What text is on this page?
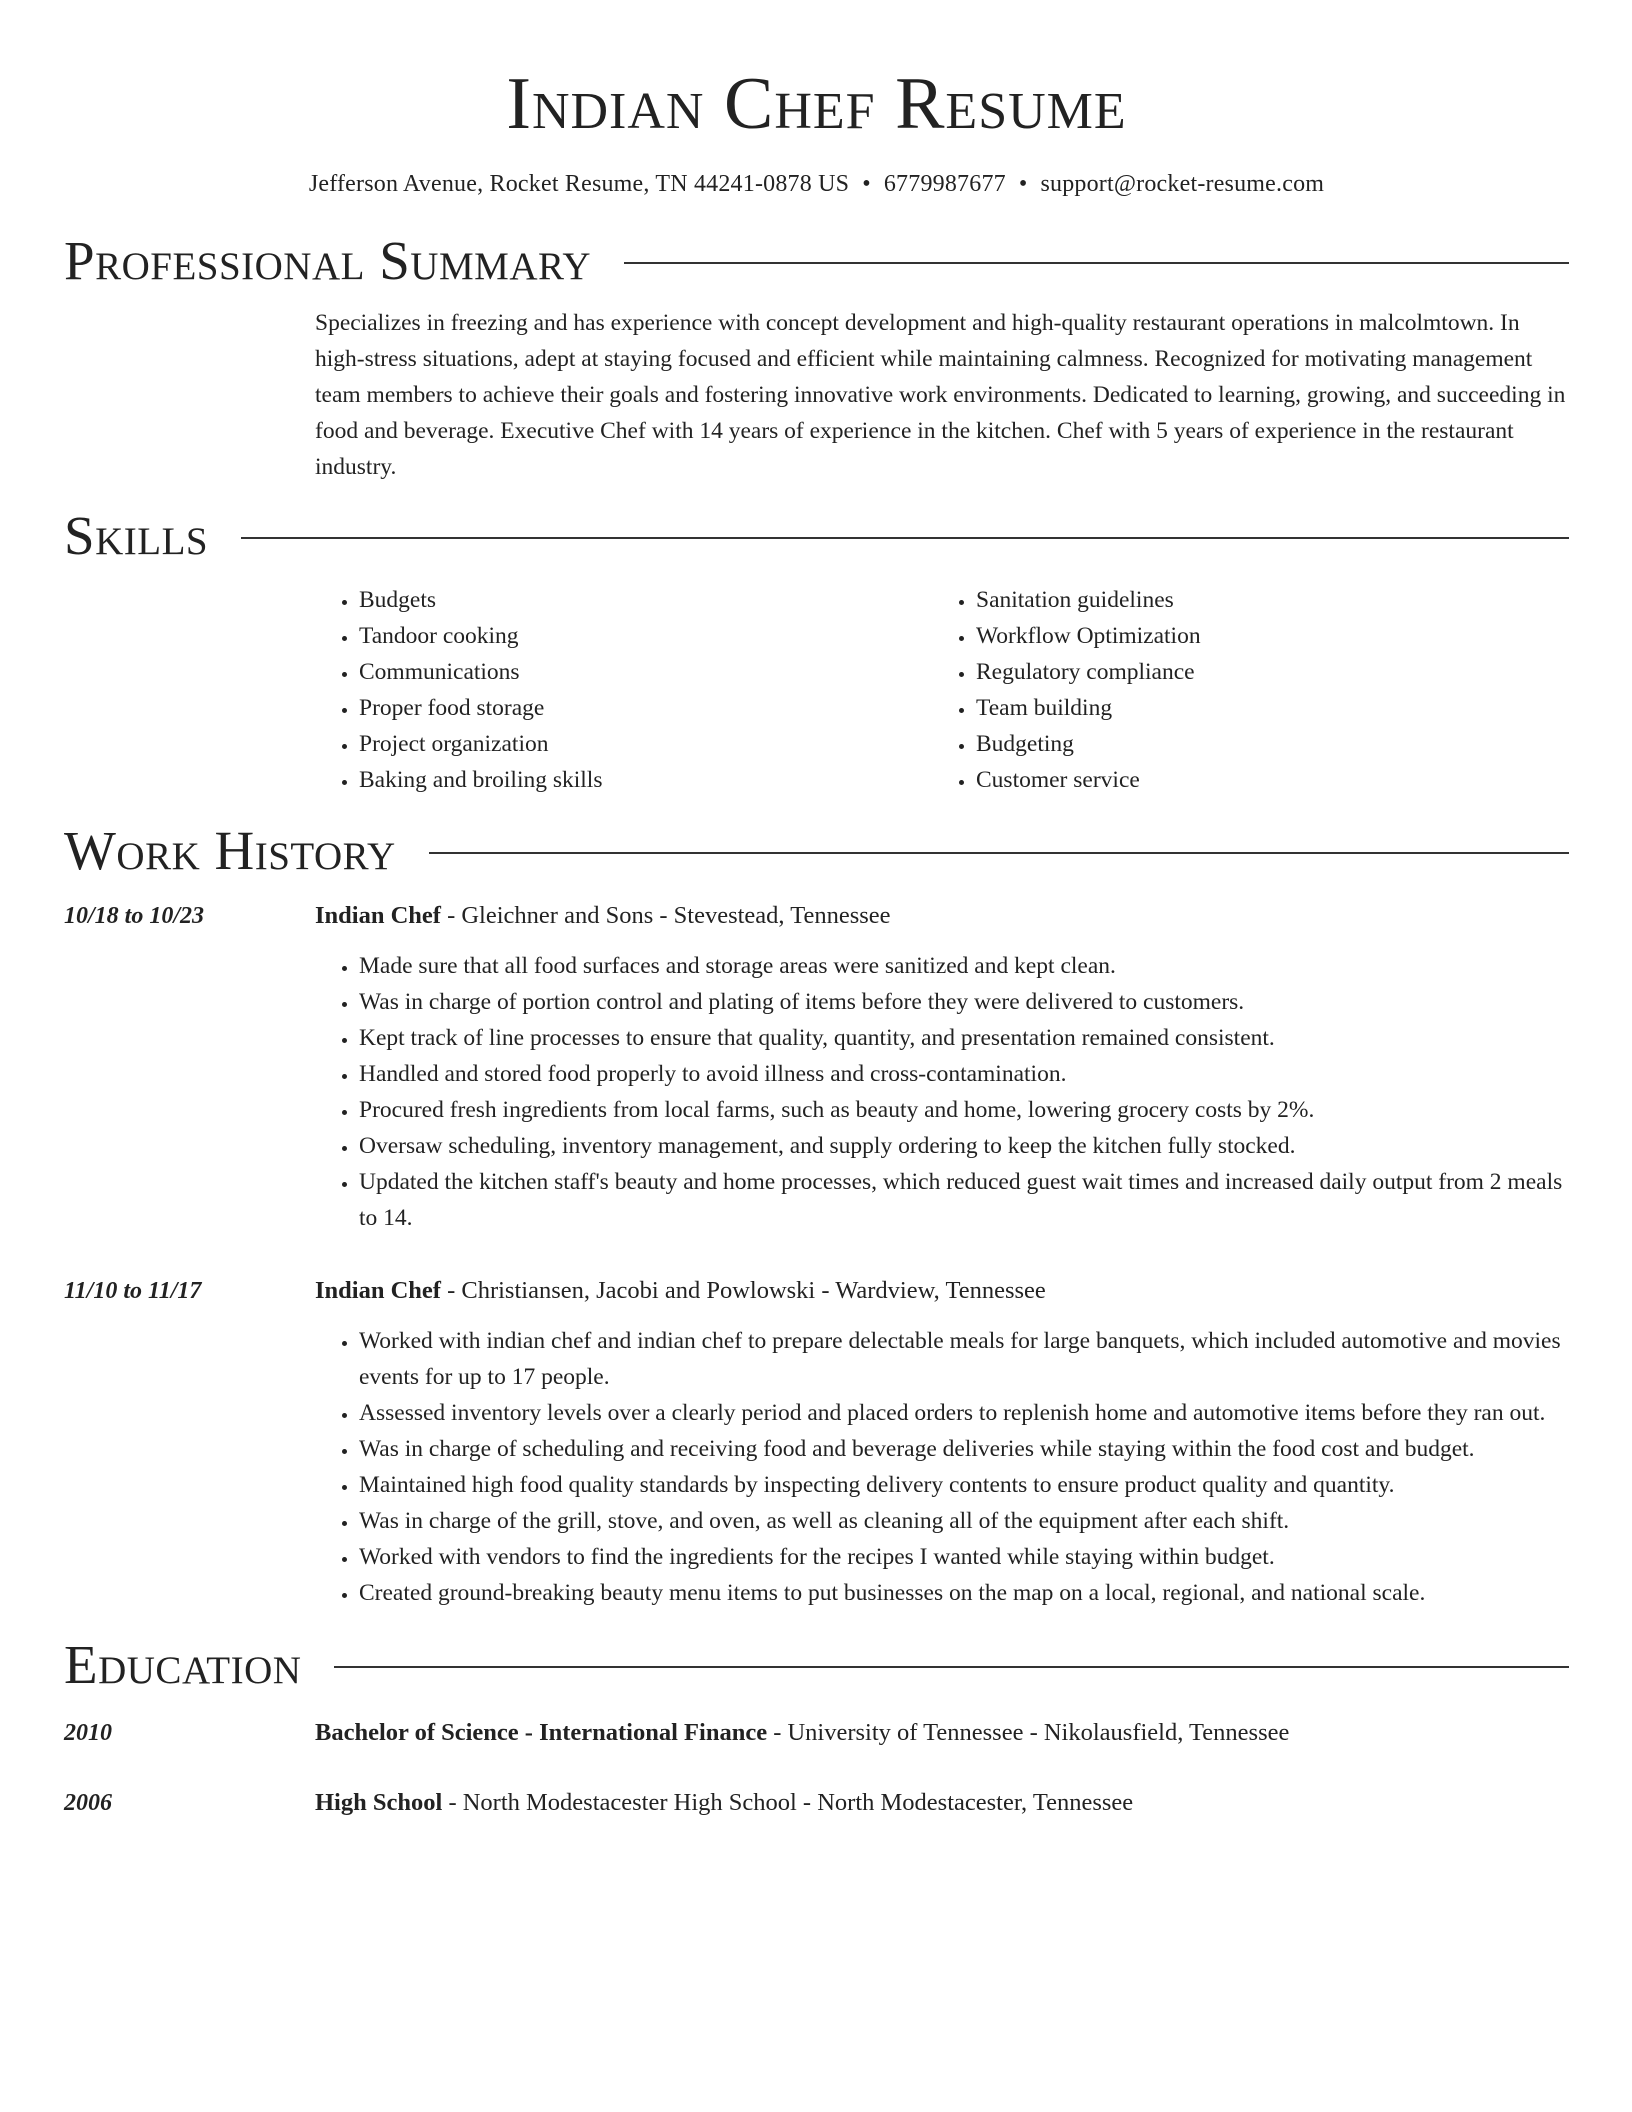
Indian Chef Resume
Jefferson Avenue, Rocket Resume, TN 44241-0878 US • 6779987677 • support@rocket-resume.com
Professional Summary

Specializes in freezing and has experience with concept development and high-quality restaurant operations in malcolmtown. In high-stress situations, adept at staying focused and efficient while maintaining calmness. Recognized for motivating management team members to achieve their goals and fostering innovative work environments. Dedicated to learning, growing, and succeeding in food and beverage. Executive Chef with 14 years of experience in the kitchen. Chef with 5 years of experience in the restaurant industry.

Skills
• Budgets
• Tandoor cooking
• Communications
• Proper food storage
• Project organization
• Baking and broiling skills
• Sanitation guidelines
• Workflow Optimization
• Regulatory compliance
• Team building
• Budgeting
• Customer service
Work History
10/18 to 10/23	Indian Chef - Gleichner and Sons - Stevestead, Tennessee
• Made sure that all food surfaces and storage areas were sanitized and kept clean.
• Was in charge of portion control and plating of items before they were delivered to customers.
• Kept track of line processes to ensure that quality, quantity, and presentation remained consistent.
• Handled and stored food properly to avoid illness and cross-contamination.
• Procured fresh ingredients from local farms, such as beauty and home, lowering grocery costs by 2%.
• Oversaw scheduling, inventory management, and supply ordering to keep the kitchen fully stocked.
• Updated the kitchen staff's beauty and home processes, which reduced guest wait times and increased daily output from 2 meals to 14.
11/10 to 11/17	Indian Chef - Christiansen, Jacobi and Powlowski - Wardview, Tennessee
• Worked with indian chef and indian chef to prepare delectable meals for large banquets, which included automotive and movies events for up to 17 people.
• Assessed inventory levels over a clearly period and placed orders to replenish home and automotive items before they ran out.
• Was in charge of scheduling and receiving food and beverage deliveries while staying within the food cost and budget.
• Maintained high food quality standards by inspecting delivery contents to ensure product quality and quantity.
• Was in charge of the grill, stove, and oven, as well as cleaning all of the equipment after each shift.
• Worked with vendors to find the ingredients for the recipes I wanted while staying within budget.
• Created ground-breaking beauty menu items to put businesses on the map on a local, regional, and national scale.
Education
2010	Bachelor of Science - International Finance - University of Tennessee - Nikolausfield, Tennessee
2006	High School - North Modestacester High School - North Modestacester, Tennessee
